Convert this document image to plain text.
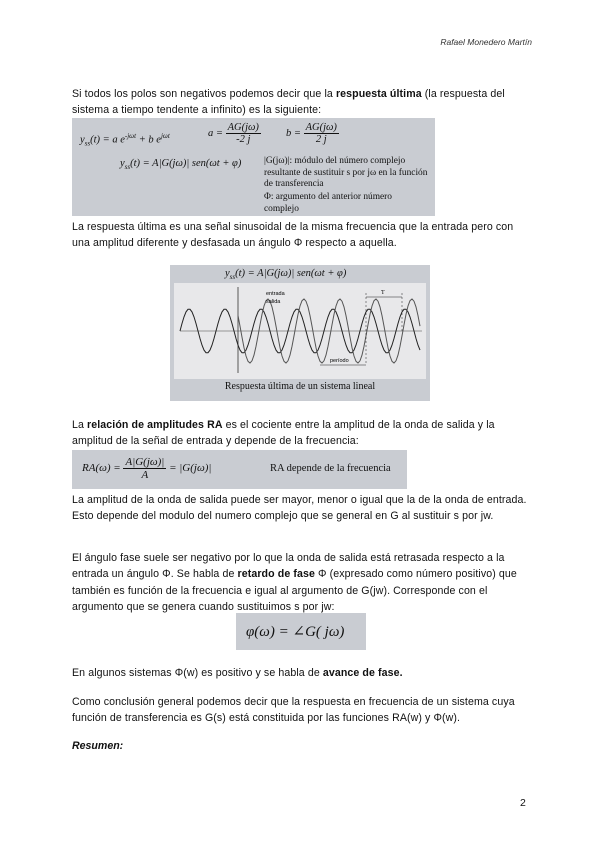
Rafael Monedero Martín
Si todos los polos son negativos podemos decir que la respuesta última (la respuesta del sistema a tiempo tendente a infinito) es la siguiente:
$y_{ss}(t) = a$ $e^{-j\omega t} + b$ $e^{j\omega t}$	$a = \frac{AG(j\omega)}{-2 j}$ $b = \frac{AG(j\omega)}{2 j}$
$y_{ss}(t) = A|G(j\omega)|$ sen(ωt + φ) |G(jω)|: módulo del número complejo resultante de sustituir s por jω en la función de transferencia
Φ: argumento del anterior número complejo
La respuesta última es una señal sinusoidal de la misma frecuencia que la entrada pero con una amplitud diferente y desfasada un ángulo Φ respecto a aquella.
$y_{ss}(t) = A|G(j\omega)|$ sen(ωt + φ)
entrada
salida
período
T
Respuesta última de un sistema lineal
La relación de amplitudes RA es el cociente entre la amplitud de la onda de salida y la amplitud de la señal de entrada y depende de la frecuencia:
$RA(\omega) = \frac{A|G(j\omega)|}{A} = |G(j\omega)|$	RA depende de la frecuencia
La amplitud de la onda de salida puede ser mayor, menor o igual que la de la onda de entrada. Esto depende del modulo del numero complejo que se general en G al sustituir s por jw.
El ángulo fase suele ser negativo por lo que la onda de salida está retrasada respecto a la entrada un ángulo Φ. Se habla de retardo de fase Φ (expresado como número positivo) que también es función de la frecuencia e igual al argumento de G(jw). Corresponde con el argumento que se genera cuando sustituimos s por jw:
φ(ω) = ∠G( jω)
En algunos sistemas Φ(w) es positivo y se habla de avance de fase.
Como conclusión general podemos decir que la respuesta en frecuencia de un sistema cuya función de transferencia es G(s) está constituida por las funciones RA(w) y Φ(w).
Resumen:
2
